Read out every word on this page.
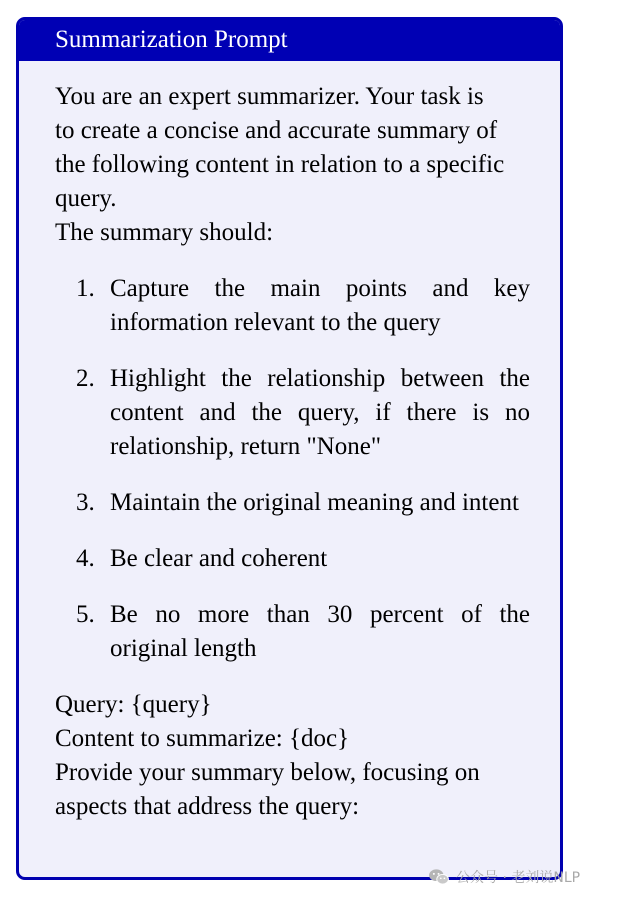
Summarization Prompt

You are an expert summarizer. Your task is
to create a concise and accurate summary of
the following content in relation to a specific
query.
The summary should:

1. Capture the main points and key information relevant to the query
2. Highlight the relationship between the content and the query, if there is no relationship, return "None"
3. Maintain the original meaning and intent
4. Be clear and coherent
5. Be no more than 30 percent of the original length

Query: {query}
Content to summarize: {doc}
Provide your summary below, focusing on
aspects that address the query:

公众号 · 老刘说NLP
